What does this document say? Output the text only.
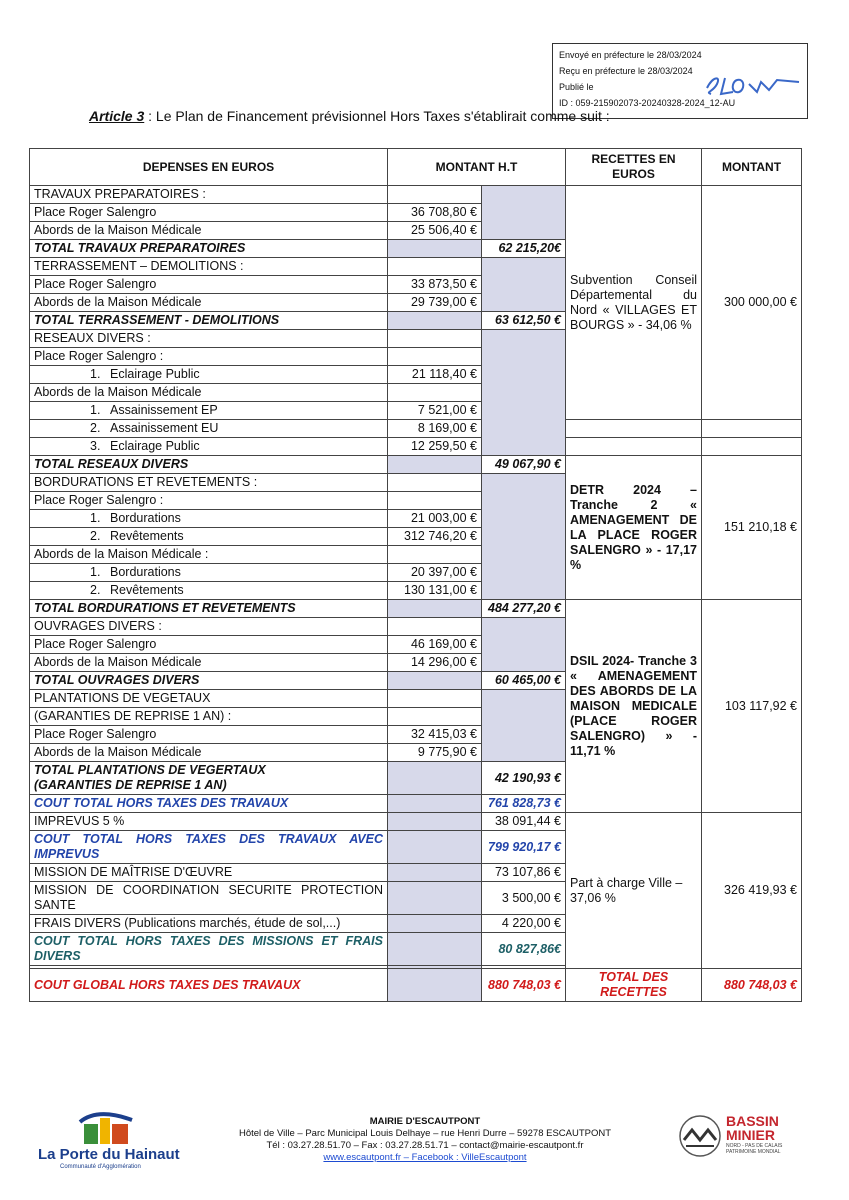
Envoyé en préfecture le 28/03/2024
Reçu en préfecture le 28/03/2024
Publié le
ID : 059-215902073-20240328-2024_12-AU
Article 3 : Le Plan de Financement prévisionnel Hors Taxes s'établirait comme suit :
DEPENSES EN EUROS	MONTANT H.T		RECETTES EN EUROS	MONTANT
TRAVAUX PREPARATOIRES :			Subvention Conseil Départemental du Nord « VILLAGES ET BOURGS » - 34,06 %	300 000,00 €
Place Roger Salengro	36 708,80 €			
Abords de la Maison Médicale	25 506,40 €			
TOTAL TRAVAUX PREPARATOIRES		62 215,20€		
TERRASSEMENT – DEMOLITIONS :				
Place Roger Salengro	33 873,50 €			
Abords de la Maison Médicale	29 739,00 €			
TOTAL TERRASSEMENT - DEMOLITIONS		63 612,50 €		
RESEAUX DIVERS :				
Place Roger Salengro :				
1. Eclairage Public	21 118,40 €			
Abords de la Maison Médicale				
1. Assainissement EP	7 521,00 €			
2. Assainissement EU	8 169,00 €			
3. Eclairage Public	12 259,50 €			
TOTAL RESEAUX DIVERS		49 067,90 €	DETR 2024 – Tranche 2 « AMENAGEMENT DE LA PLACE ROGER SALENGRO » - 17,17 %	151 210,18 €
BORDURATIONS ET REVETEMENTS :				
Place Roger Salengro :				
1. Bordurations	21 003,00 €			
2. Revêtements	312 746,20 €			
Abords de la Maison Médicale :				
1. Bordurations	20 397,00 €			
2. Revêtements	130 131,00 €			
TOTAL BORDURATIONS ET REVETEMENTS		484 277,20 €	DSIL 2024- Tranche 3 « AMENAGEMENT DES ABORDS DE LA MAISON MEDICALE (PLACE ROGER SALENGRO) » - 11,71 %	103 117,92 €
OUVRAGES DIVERS :				
Place Roger Salengro	46 169,00 €			
Abords de la Maison Médicale	14 296,00 €			
TOTAL OUVRAGES DIVERS		60 465,00 €		
PLANTATIONS DE VEGETAUX				
(GARANTIES DE REPRISE 1 AN) :				
Place Roger Salengro	32 415,03 €			
Abords de la Maison Médicale	9 775,90 €			

TOTAL PLANTATIONS DE VEGERTAUX
(GARANTIES DE REPRISE 1 AN)		42 190,93 €		
COUT TOTAL HORS TAXES DES TRAVAUX		761 828,73 €		
IMPREVUS 5 %		38 091,44 €	Part à charge Ville – 37,06 %	326 419,93 €
COUT TOTAL HORS TAXES DES TRAVAUX AVEC IMPREVUS		799 920,17 €		
MISSION DE MAÎTRISE D'ŒUVRE		73 107,86 €		
MISSION DE COORDINATION SECURITE PROTECTION SANTE		3 500,00 €		
FRAIS DIVERS (Publications marchés, étude de sol,...)		4 220,00 €		
COUT TOTAL HORS TAXES DES MISSIONS ET FRAIS DIVERS		80 827,86€		

COUT GLOBAL HORS TAXES DES TRAVAUX		880 748,03 €	TOTAL DES RECETTES	880 748,03 €
La Porte du Hainaut
Communauté d'Agglomération
MAIRIE D'ESCAUTPONT
Hôtel de Ville – Parc Municipal Louis Delhaye – rue Henri Durre – 59278 ESCAUTPONT
Tél : 03.27.28.51.70 – Fax : 03.27.28.51.71 – contact@mairie-escautpont.fr
www.escautpont.fr – Facebook : VilleEscautpont
BASSIN
MINIER
NORD - PAS DE CALAIS PATRIMOINE MONDIAL
